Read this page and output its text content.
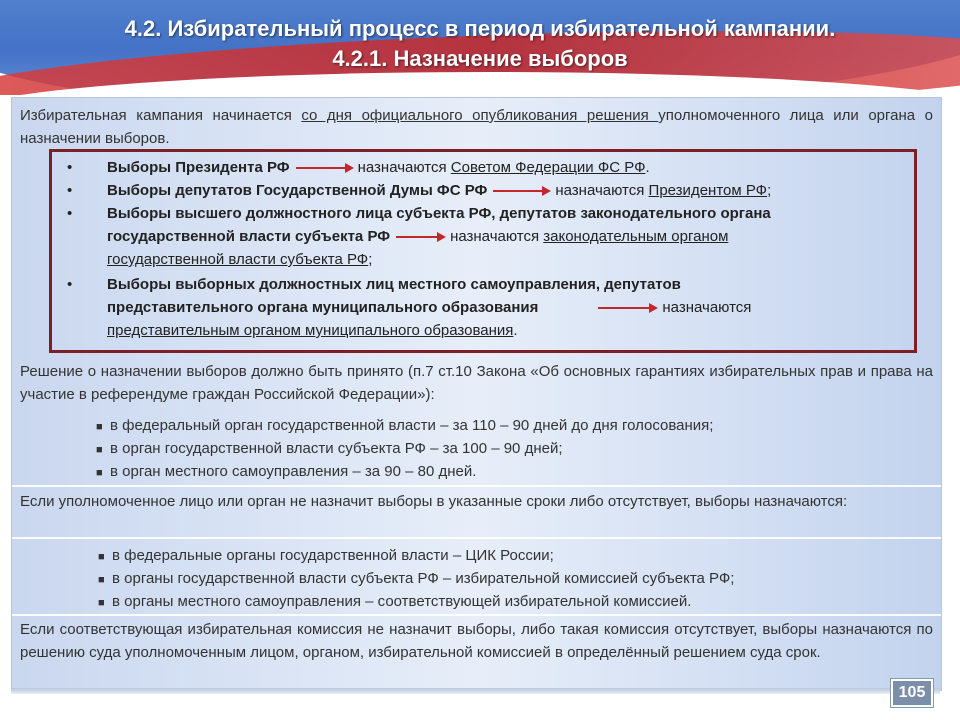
4.2. Избирательный процесс в период избирательной кампании.
4.2.1. Назначение выборов
Избирательная кампания начинается со дня официального опубликования решения уполномоченного лица или органа о назначении выборов.
• Выборы Президента РФ	назначаются Советом Федерации ФС РФ.
• Выборы депутатов Государственной Думы ФС РФ	назначаются Президентом РФ;
• Выборы высшего должностного лица субъекта РФ, депутатов законодательного органа
государственной власти субъекта РФ	назначаются законодательным органом
государственной власти субъекта РФ;
• Выборы выборных должностных лиц местного самоуправления, депутатов
представительного органа муниципального образования	назначаются
представительным органом муниципального образования.
Решение о назначении выборов должно быть принято (п.7 ст.10 Закона «Об основных гарантиях избирательных прав и права на участие в референдуме граждан Российской Федерации»):
■ в федеральный орган государственной власти – за 110 – 90 дней до дня голосования;
■ в орган государственной власти субъекта РФ – за 100 – 90 дней;
■ в орган местного самоуправления – за 90 – 80 дней.
Если уполномоченное лицо или орган не назначит выборы в указанные сроки либо отсутствует, выборы назначаются:
■ в федеральные органы государственной власти – ЦИК России;
■ в органы государственной власти субъекта РФ – избирательной комиссией субъекта РФ;
■ в органы местного самоуправления – соответствующей избирательной комиссией.
Если соответствующая избирательная комиссия не назначит выборы, либо такая комиссия отсутствует, выборы назначаются по решению суда уполномоченным лицом, органом, избирательной комиссией в определённый решением суда срок.
105
